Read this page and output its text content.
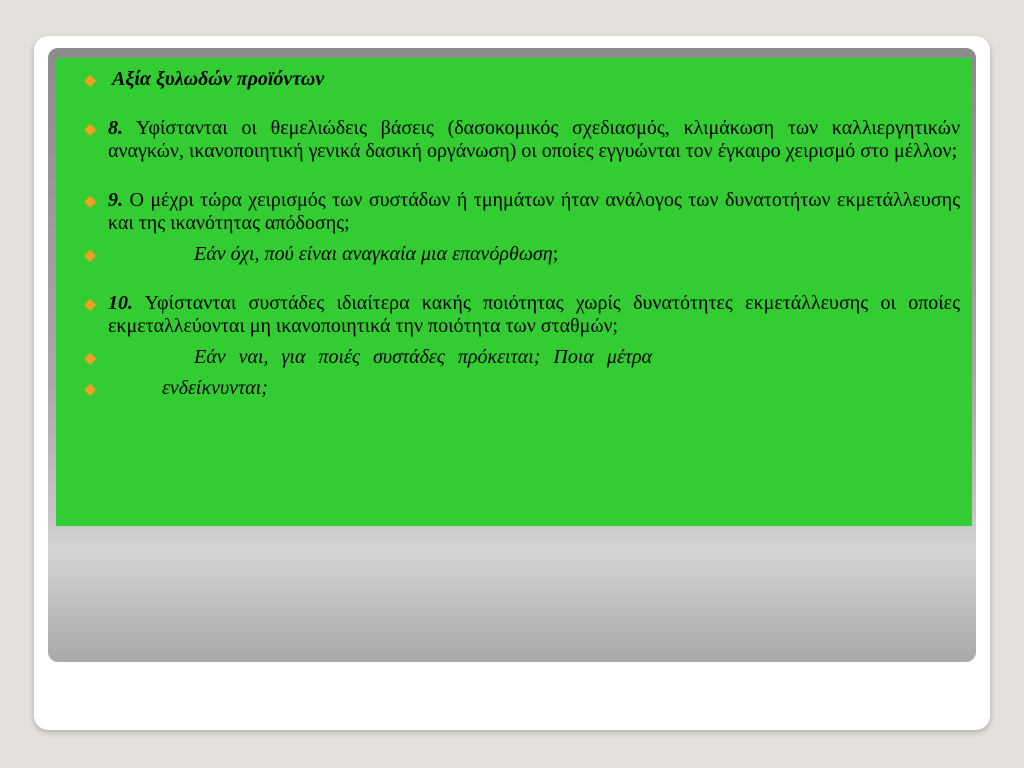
◆ Αξία ξυλωδών προϊόντων
◆ 8. Υφίστανται οι θεμελιώδεις βάσεις (δασοκομικός σχεδιασμός, κλιμάκωση των καλλιεργητικών αναγκών, ικανοποιητική γενικά δασική οργάνωση) οι οποίες εγγυώνται τον έγκαιρο χειρισμό στο μέλλον;
◆ 9. Ο μέχρι τώρα χειρισμός των συστάδων ή τμημάτων ήταν ανάλογος των δυνατοτήτων εκμετάλλευσης και της ικανότητας απόδοσης;
◆	Εάν όχι, πού είναι αναγκαία μια επανόρθωση;
◆ 10. Υφίστανται συστάδες ιδιαίτερα κακής ποιότητας χωρίς δυνατότητες εκμετάλλευσης οι οποίες εκμεταλλεύονται μη ικανοποιητικά την ποιότητα των σταθμών;
◆	Εάν ναι, για ποιές συστάδες πρόκειται; Ποια μέτρα
◆	ενδείκνυνται;
